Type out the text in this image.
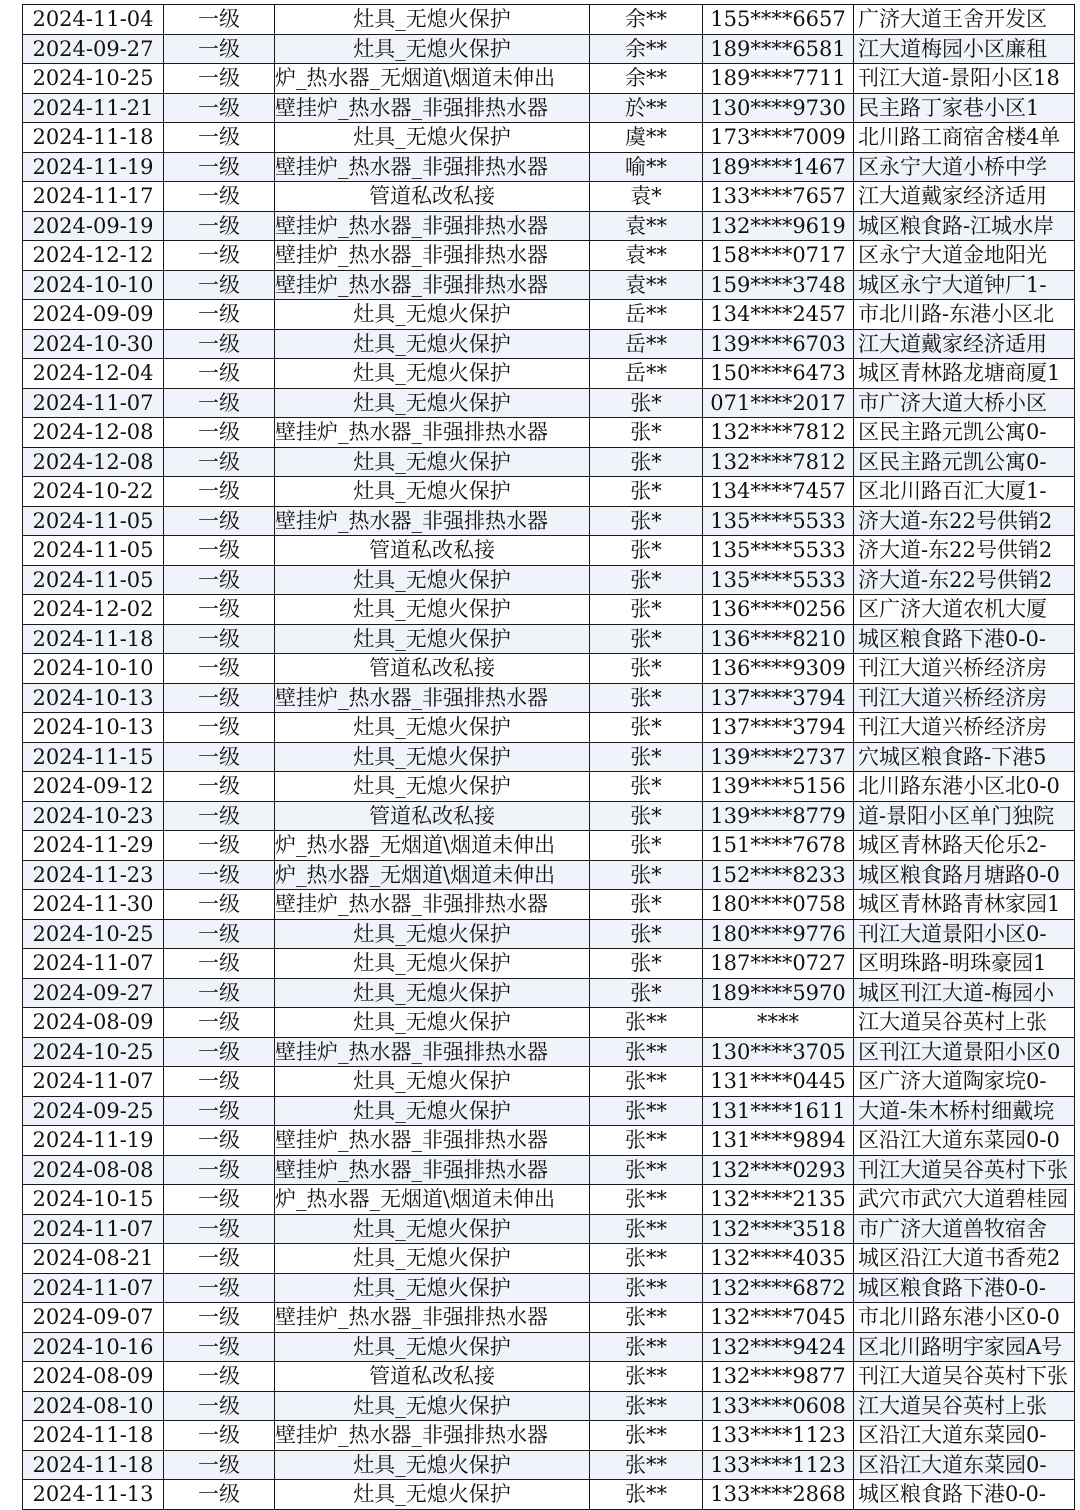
2024-11-04	一级	灶具_无熄火保护	余**	155****6657	广济大道王舍开发区
2024-09-27	一级	灶具_无熄火保护	余**	189****6581	江大道梅园小区廉租
2024-10-25	一级	炉_热水器_无烟道\烟道未伸出	余**	189****7711	刊江大道-景阳小区18
2024-11-21	一级	壁挂炉_热水器_非强排热水器	於**	130****9730	民主路丁家巷小区1
2024-11-18	一级	灶具_无熄火保护	虞**	173****7009	北川路工商宿舍楼4单
2024-11-19	一级	壁挂炉_热水器_非强排热水器	喻**	189****1467	区永宁大道小桥中学
2024-11-17	一级	管道私改私接	袁*	133****7657	江大道戴家经济适用
2024-09-19	一级	壁挂炉_热水器_非强排热水器	袁**	132****9619	城区粮食路-江城水岸
2024-12-12	一级	壁挂炉_热水器_非强排热水器	袁**	158****0717	区永宁大道金地阳光
2024-10-10	一级	壁挂炉_热水器_非强排热水器	袁**	159****3748	城区永宁大道钟厂1-
2024-09-09	一级	灶具_无熄火保护	岳**	134****2457	市北川路-东港小区北
2024-10-30	一级	灶具_无熄火保护	岳**	139****6703	江大道戴家经济适用
2024-12-04	一级	灶具_无熄火保护	岳**	150****6473	城区青林路龙塘商厦1
2024-11-07	一级	灶具_无熄火保护	张*	071****2017	市广济大道大桥小区
2024-12-08	一级	壁挂炉_热水器_非强排热水器	张*	132****7812	区民主路元凯公寓0-
2024-12-08	一级	灶具_无熄火保护	张*	132****7812	区民主路元凯公寓0-
2024-10-22	一级	灶具_无熄火保护	张*	134****7457	区北川路百汇大厦1-
2024-11-05	一级	壁挂炉_热水器_非强排热水器	张*	135****5533	济大道-东22号供销2
2024-11-05	一级	管道私改私接	张*	135****5533	济大道-东22号供销2
2024-11-05	一级	灶具_无熄火保护	张*	135****5533	济大道-东22号供销2
2024-12-02	一级	灶具_无熄火保护	张*	136****0256	区广济大道农机大厦
2024-11-18	一级	灶具_无熄火保护	张*	136****8210	城区粮食路下港0-0-
2024-10-10	一级	管道私改私接	张*	136****9309	刊江大道兴桥经济房
2024-10-13	一级	壁挂炉_热水器_非强排热水器	张*	137****3794	刊江大道兴桥经济房
2024-10-13	一级	灶具_无熄火保护	张*	137****3794	刊江大道兴桥经济房
2024-11-15	一级	灶具_无熄火保护	张*	139****2737	穴城区粮食路-下港5
2024-09-12	一级	灶具_无熄火保护	张*	139****5156	北川路东港小区北0-0
2024-10-23	一级	管道私改私接	张*	139****8779	道-景阳小区单门独院
2024-11-29	一级	炉_热水器_无烟道\烟道未伸出	张*	151****7678	城区青林路天伦乐2-
2024-11-23	一级	炉_热水器_无烟道\烟道未伸出	张*	152****8233	城区粮食路月塘路0-0
2024-11-30	一级	壁挂炉_热水器_非强排热水器	张*	180****0758	城区青林路青林家园1
2024-10-25	一级	灶具_无熄火保护	张*	180****9776	刊江大道景阳小区0-
2024-11-07	一级	灶具_无熄火保护	张*	187****0727	区明珠路-明珠豪园1
2024-09-27	一级	灶具_无熄火保护	张*	189****5970	城区刊江大道-梅园小
2024-08-09	一级	灶具_无熄火保护	张**	****	江大道吴谷英村上张
2024-10-25	一级	壁挂炉_热水器_非强排热水器	张**	130****3705	区刊江大道景阳小区0
2024-11-07	一级	灶具_无熄火保护	张**	131****0445	区广济大道陶家垸0-
2024-09-25	一级	灶具_无熄火保护	张**	131****1611	大道-朱木桥村细戴垸
2024-11-19	一级	壁挂炉_热水器_非强排热水器	张**	131****9894	区沿江大道东菜园0-0
2024-08-08	一级	壁挂炉_热水器_非强排热水器	张**	132****0293	刊江大道吴谷英村下张
2024-10-15	一级	炉_热水器_无烟道\烟道未伸出	张**	132****2135	武穴市武穴大道碧桂园
2024-11-07	一级	灶具_无熄火保护	张**	132****3518	市广济大道兽牧宿舍
2024-08-21	一级	灶具_无熄火保护	张**	132****4035	城区沿江大道书香苑2
2024-11-07	一级	灶具_无熄火保护	张**	132****6872	城区粮食路下港0-0-
2024-09-07	一级	壁挂炉_热水器_非强排热水器	张**	132****7045	市北川路东港小区0-0
2024-10-16	一级	灶具_无熄火保护	张**	132****9424	区北川路明宇家园A号
2024-08-09	一级	管道私改私接	张**	132****9877	刊江大道吴谷英村下张
2024-08-10	一级	灶具_无熄火保护	张**	133****0608	江大道吴谷英村上张
2024-11-18	一级	壁挂炉_热水器_非强排热水器	张**	133****1123	区沿江大道东菜园0-
2024-11-18	一级	灶具_无熄火保护	张**	133****1123	区沿江大道东菜园0-
2024-11-13	一级	灶具_无熄火保护	张**	133****2868	城区粮食路下港0-0-
